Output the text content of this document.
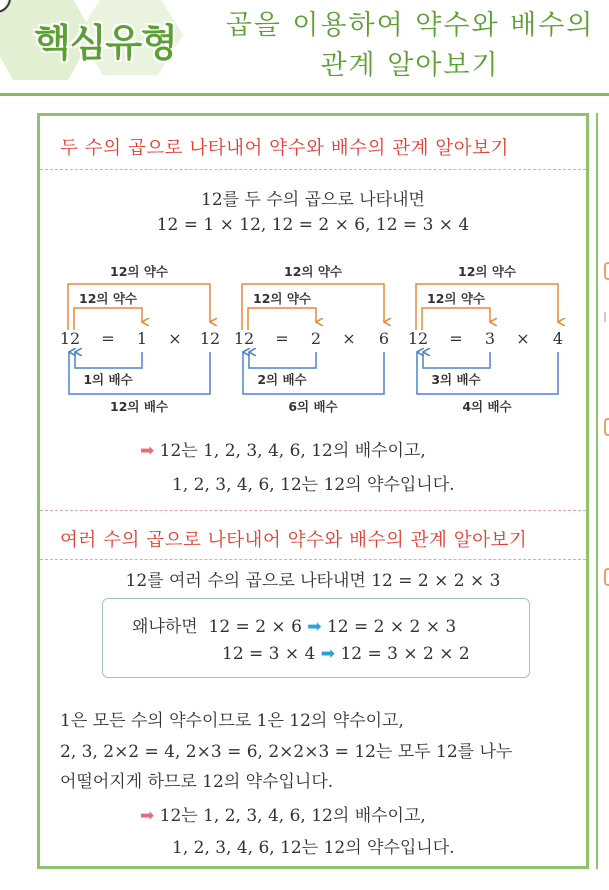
핵심유형	곱을 이용하여 약수와 배수의
관계 알아보기
두 수의 곱으로 나타내어 약수와 배수의 관계 알아보기
12를 두 수의 곱으로 나타내면
12 = 1 × 12, 12 = 2 × 6, 12 = 3 × 4
12의 약수
12의 약수
12 = 1 × 12
1의 배수
12의 배수
12의 약수
12의 약수
12 = 2 × 6
2의 배수
6의 배수
12의 약수
12의 약수
12 = 3 × 4
3의 배수
4의 배수
➡ 12는 1, 2, 3, 4, 6, 12의 배수이고,
1, 2, 3, 4, 6, 12는 12의 약수입니다.
여러 수의 곱으로 나타내어 약수와 배수의 관계 알아보기
12를 여러 수의 곱으로 나타내면 12 = 2 × 2 × 3
왜냐하면 12 = 2 × 6 ➡ 12 = 2 × 2 × 3
12 = 3 × 4 ➡ 12 = 3 × 2 × 2
1은 모든 수의 약수이므로 1은 12의 약수이고,
2, 3, 2×2 = 4, 2×3 = 6, 2×2×3 = 12는 모두 12를 나누
어떨어지게 하므로 12의 약수입니다.
➡ 12는 1, 2, 3, 4, 6, 12의 배수이고,
1, 2, 3, 4, 6, 12는 12의 약수입니다.
